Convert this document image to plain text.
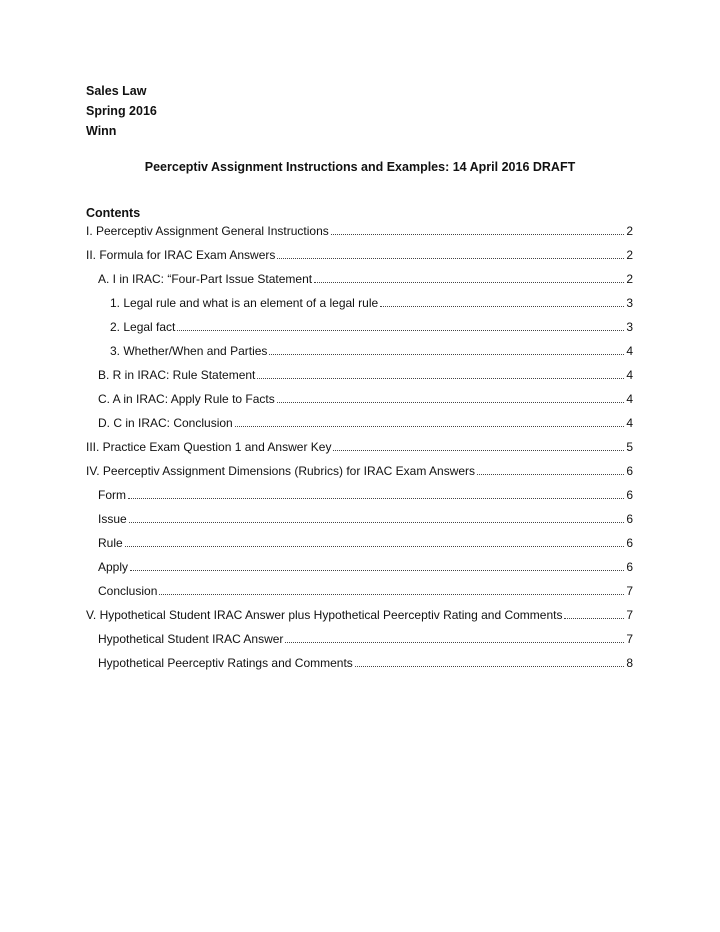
Sales Law
Spring 2016
Winn
Peerceptiv Assignment Instructions and Examples: 14 April 2016 DRAFT
Contents
I. Peerceptiv Assignment General Instructions	2
II. Formula for IRAC Exam Answers	2
A. I in IRAC: “Four-Part Issue Statement	2
1. Legal rule and what is an element of a legal rule	3
2. Legal fact	3
3. Whether/When and Parties	4
B. R in IRAC: Rule Statement	4
C. A in IRAC: Apply Rule to Facts	4
D. C in IRAC: Conclusion	4
III. Practice Exam Question 1 and Answer Key	5
IV. Peerceptiv Assignment Dimensions (Rubrics) for IRAC Exam Answers	6
Form	6
Issue	6
Rule	6
Apply	6
Conclusion	7
V. Hypothetical Student IRAC Answer plus Hypothetical Peerceptiv Rating and Comments	7
Hypothetical Student IRAC Answer	7
Hypothetical Peerceptiv Ratings and Comments	8
